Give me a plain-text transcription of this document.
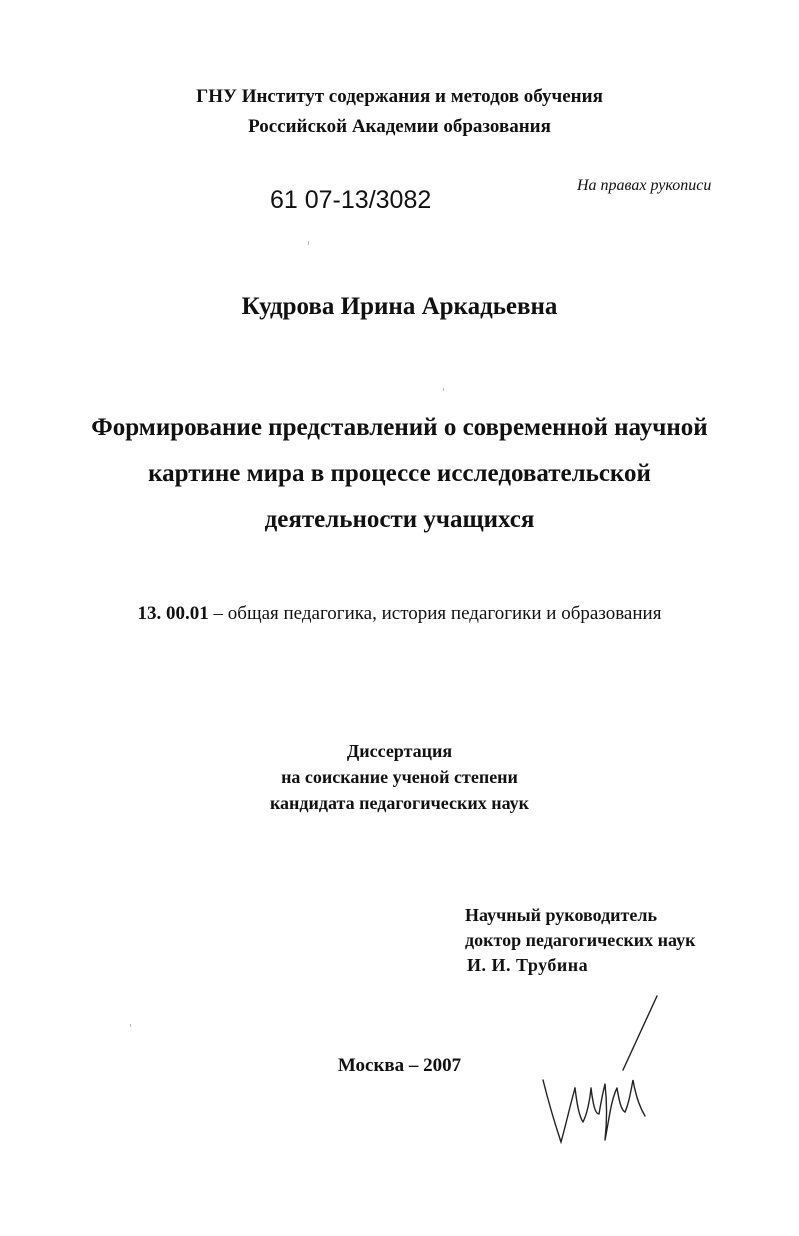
ГНУ Институт содержания и методов обучения
Российской Академии образования
61 07-13/3082
На правах рукописи
Кудрова Ирина Аркадьевна
Формирование представлений о современной научной
картине мира в процессе исследовательской
деятельности учащихся
13. 00.01 – общая педагогика, история педагогики и образования
Диссертация
на соискание ученой степени
кандидата педагогических наук
Научный руководитель
доктор педагогических наук
И. И. Трубина
Москва – 2007
